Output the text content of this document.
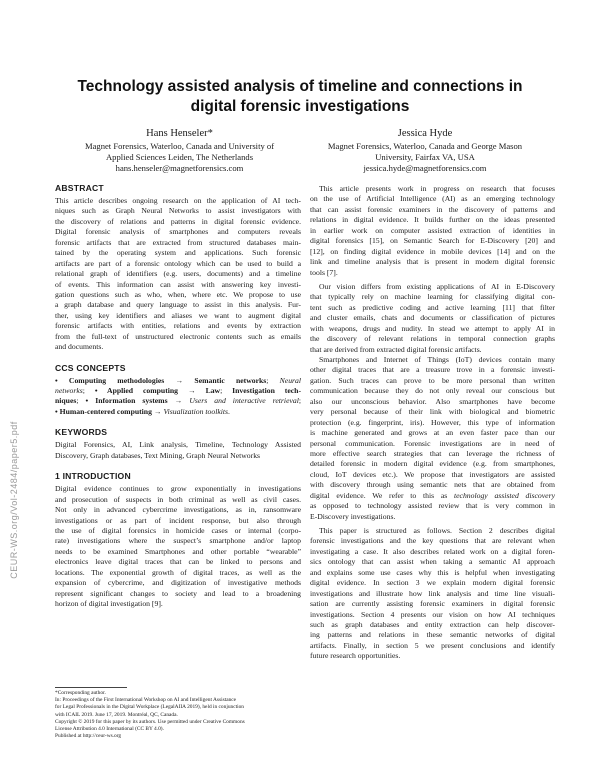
CEUR-WS.org/Vol-2484/paper5.pdf
Technology assisted analysis of timeline and connections in
digital forensic investigations
Hans Henseler*
Magnet Forensics, Waterloo, Canada and University of
Applied Sciences Leiden, The Netherlands
hans.henseler@magnetforensics.com
Jessica Hyde
Magnet Forensics, Waterloo, Canada and George Mason
University, Fairfax VA, USA
jessica.hyde@magnetforensics.com
ABSTRACT
This article describes ongoing research on the application of AI tech-
niques such as Graph Neural Networks to assist investigators with
the discovery of relations and patterns in digital forensic evidence.
Digital forensic analysis of smartphones and computers reveals
forensic artifacts that are extracted from structured databases main-
tained by the operating system and applications. Such forensic
artifacts are part of a forensic ontology which can be used to build a
relational graph of identifiers (e.g. users, documents) and a timeline
of events. This information can assist with answering key investi-
gation questions such as who, when, where etc. We propose to use
a graph database and query language to assist in this analysis. Fur-
ther, using key identifiers and aliases we want to augment digital
forensic artifacts with entities, relations and events by extraction
from the full-text of unstructured electronic contents such as emails
and documents.
CCS CONCEPTS
• Computing methodologies → Semantic networks; Neural
networks; • Applied computing → Law; Investigation tech-
niques; • Information systems → Users and interactive retrieval;
• Human-centered computing → Visualization toolkits.
KEYWORDS
Digital Forensics, AI, Link analysis, Timeline, Technology Assisted
Discovery, Graph databases, Text Mining, Graph Neural Networks
1 INTRODUCTION
Digital evidence continues to grow exponentially in investigations
and prosecution of suspects in both criminal as well as civil cases.
Not only in advanced cybercrime investigations, as in, ransomware
investigations or as part of incident response, but also through
the use of digital forensics in homicide cases or internal (corpo-
rate) investigations where the suspect’s smartphone and/or laptop
needs to be examined Smartphones and other portable “wearable”
electronics leave digital traces that can be linked to persons and
locations. The exponential growth of digital traces, as well as the
expansion of cybercrime, and digitization of investigative methods
represent significant changes to society and lead to a broadening
horizon of digital investigation [9].
*Corresponding author.
In: Proceedings of the First International Workshop on AI and Intelligent Assistance
for Legal Professionals in the Digital Workplace (LegalAIIA 2019), held in conjunction
with ICAIL 2019. June 17, 2019. Montréal, QC, Canada.
Copyright © 2019 for this paper by its authors. Use permitted under Creative Commons
License Attribution 4.0 International (CC BY 4.0).
Published at http://ceur-ws.org
This article presents work in progress on research that focuses
on the use of Artificial Intelligence (AI) as an emerging technology
that can assist forensic examiners in the discovery of patterns and
relations in digital evidence. It builds further on the ideas presented
in earlier work on computer assisted extraction of identities in
digital forensics [15], on Semantic Search for E-Discovery [20] and
[12], on finding digital evidence in mobile devices [14] and on the
link and timeline analysis that is present in modern digital forensic
tools [7].
Our vision differs from existing applications of AI in E-Discovery
that typically rely on machine learning for classifying digital con-
tent such as predictive coding and active learning [11] that filter
and cluster emails, chats and documents or classification of pictures
with weapons, drugs and nudity. In stead we attempt to apply AI in
the discovery of relevant relations in temporal connection graphs
that are derived from extracted digital forensic artifacts.
Smartphones and Internet of Things (IoT) devices contain many
other digital traces that are a treasure trove in a forensic investi-
gation. Such traces can prove to be more personal than written
communication because they do not only reveal our conscious but
also our unconscious behavior. Also smartphones have become
very personal because of their link with biological and biometric
protection (e.g. fingerprint, iris). However, this type of information
is machine generated and grows at an even faster pace than our
personal communication. Forensic investigations are in need of
more effective search strategies that can leverage the richness of
detailed forensic in modern digital evidence (e.g. from smartphones,
cloud, IoT devices etc.). We propose that investigators are assisted
with discovery through using semantic nets that are obtained from
digital evidence. We refer to this as technology assisted discovery
as opposed to technology assisted review that is very common in
E-Discovery investigations.
This paper is structured as follows. Section 2 describes digital
forensic investigations and the key questions that are relevant when
investigating a case. It also describes related work on a digital foren-
sics ontology that can assist when taking a semantic AI approach
and explains some use cases why this is helpful when investigating
digital evidence. In section 3 we explain modern digital forensic
investigations and illustrate how link analysis and time line visuali-
sation are currently assisting forensic examiners in digital forensic
investigations. Section 4 presents our vision on how AI techniques
such as graph databases and entity extraction can help discover-
ing patterns and relations in these semantic networks of digital
artifacts. Finally, in section 5 we present conclusions and identify
future research opportunities.
